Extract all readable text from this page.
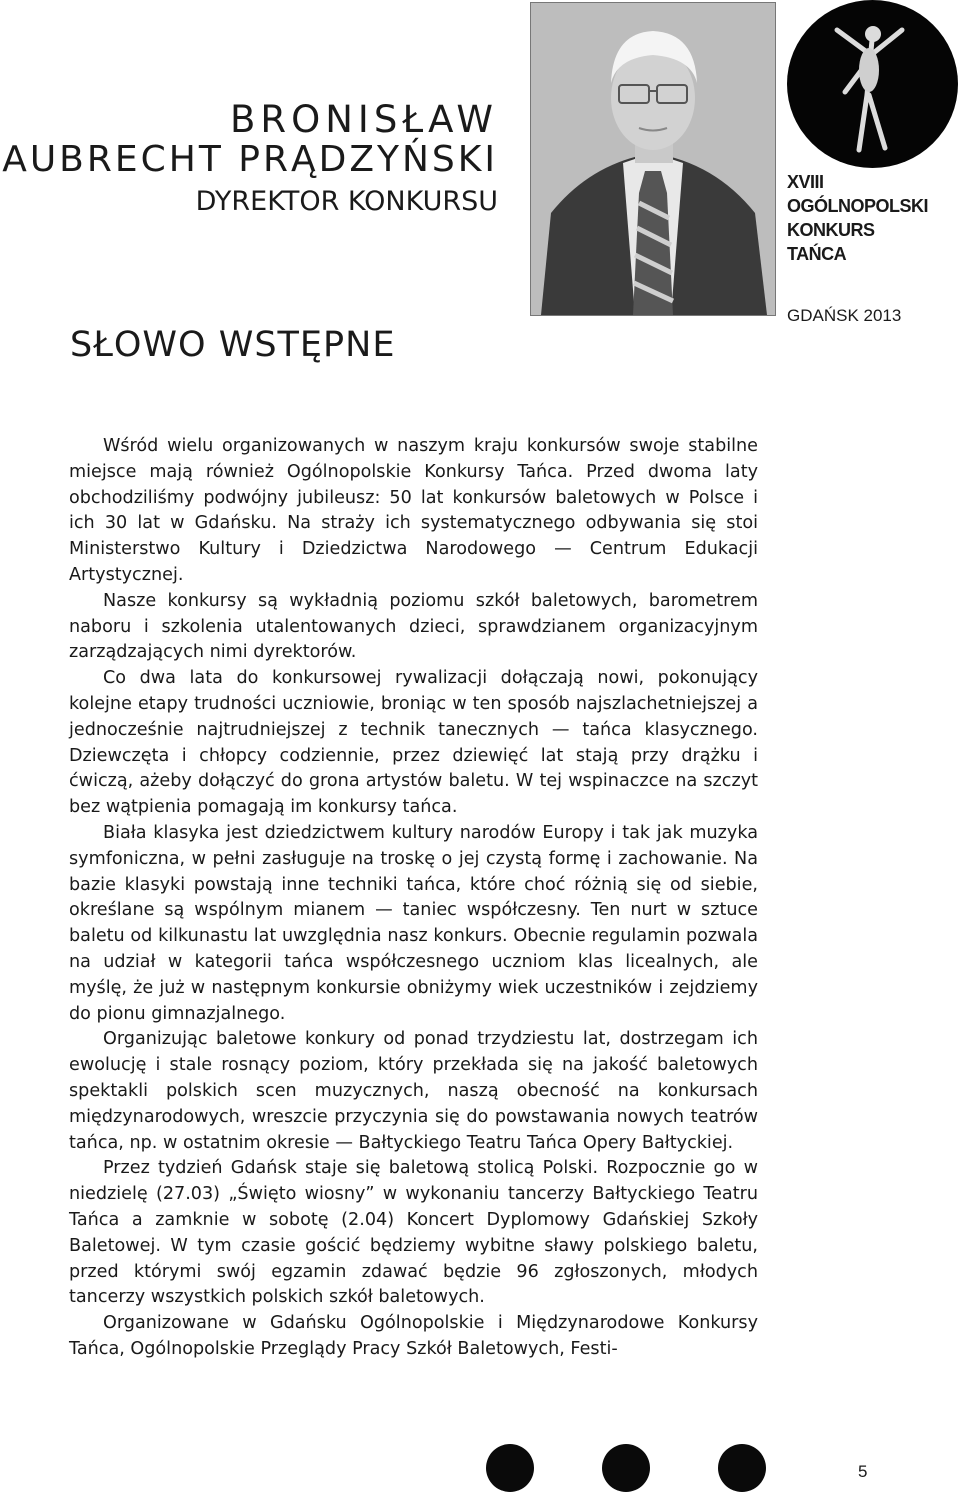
BRONISŁAW
AUBRECHT PRĄDZYŃSKI
DYREKTOR KONKURSU
XVIII
OGÓLNOPOLSKI
KONKURS
TAŃCA
GDAŃSK 2013
SŁOWO WSTĘPNE

Wśród wielu organizowanych w naszym kraju konkursów swoje stabilne miejsce mają również Ogólnopolskie Konkursy Tańca. Przed dwoma laty obchodziliśmy podwójny jubileusz: 50 lat konkursów baletowych w Polsce i ich 30 lat w Gdańsku. Na straży ich systematycznego odbywania się stoi Ministerstwo Kultury i Dziedzictwa Narodowego — Centrum Edukacji Artystycznej.

Nasze konkursy są wykładnią poziomu szkół baletowych, barometrem naboru i szkolenia utalentowanych dzieci, sprawdzianem organizacyjnym zarządzających nimi dyrektorów.

Co dwa lata do konkursowej rywalizacji dołączają nowi, pokonujący kolejne etapy trudności uczniowie, broniąc w ten sposób najszlachetniejszej a jednocześnie najtrudniejszej z technik tanecznych — tańca klasycznego. Dziewczęta i chłopcy codziennie, przez dziewięć lat stają przy drążku i ćwiczą, ażeby dołączyć do grona artystów baletu. W tej wspinaczce na szczyt bez wątpienia pomagają im konkursy tańca.

Biała klasyka jest dziedzictwem kultury narodów Europy i tak jak muzyka symfoniczna, w pełni zasługuje na troskę o jej czystą formę i zachowanie. Na bazie klasyki powstają inne techniki tańca, które choć różnią się od siebie, określane są wspólnym mianem — taniec współczesny. Ten nurt w sztuce baletu od kilkunastu lat uwzględnia nasz konkurs. Obecnie regulamin pozwala na udział w kategorii tańca współczesnego uczniom klas licealnych, ale myślę, że już w następnym konkursie obniżymy wiek uczestników i zejdziemy do pionu gimnazjalnego.

Organizując baletowe konkury od ponad trzydziestu lat, dostrzegam ich ewolucję i stale rosnący poziom, który przekłada się na jakość baletowych spektakli polskich scen muzycznych, naszą obecność na konkursach międzynarodowych, wreszcie przyczynia się do powstawania nowych teatrów tańca, np. w ostatnim okresie — Bałtyckiego Teatru Tańca Opery Bałtyckiej.

Przez tydzień Gdańsk staje się baletową stolicą Polski. Rozpocznie go w niedzielę (27.03) „Święto wiosny” w wykonaniu tancerzy Bałtyckiego Teatru Tańca a zamknie w sobotę (2.04) Koncert Dyplomowy Gdańskiej Szkoły Baletowej. W tym czasie gościć będziemy wybitne sławy polskiego baletu, przed którymi swój egzamin zdawać będzie 96 zgłoszonych, młodych tancerzy wszystkich polskich szkół baletowych.

Organizowane w Gdańsku Ogólnopolskie i Międzynarodowe Konkursy Tańca, Ogólnopolskie Przeglądy Pracy Szkół Baletowych, Festi-

5
